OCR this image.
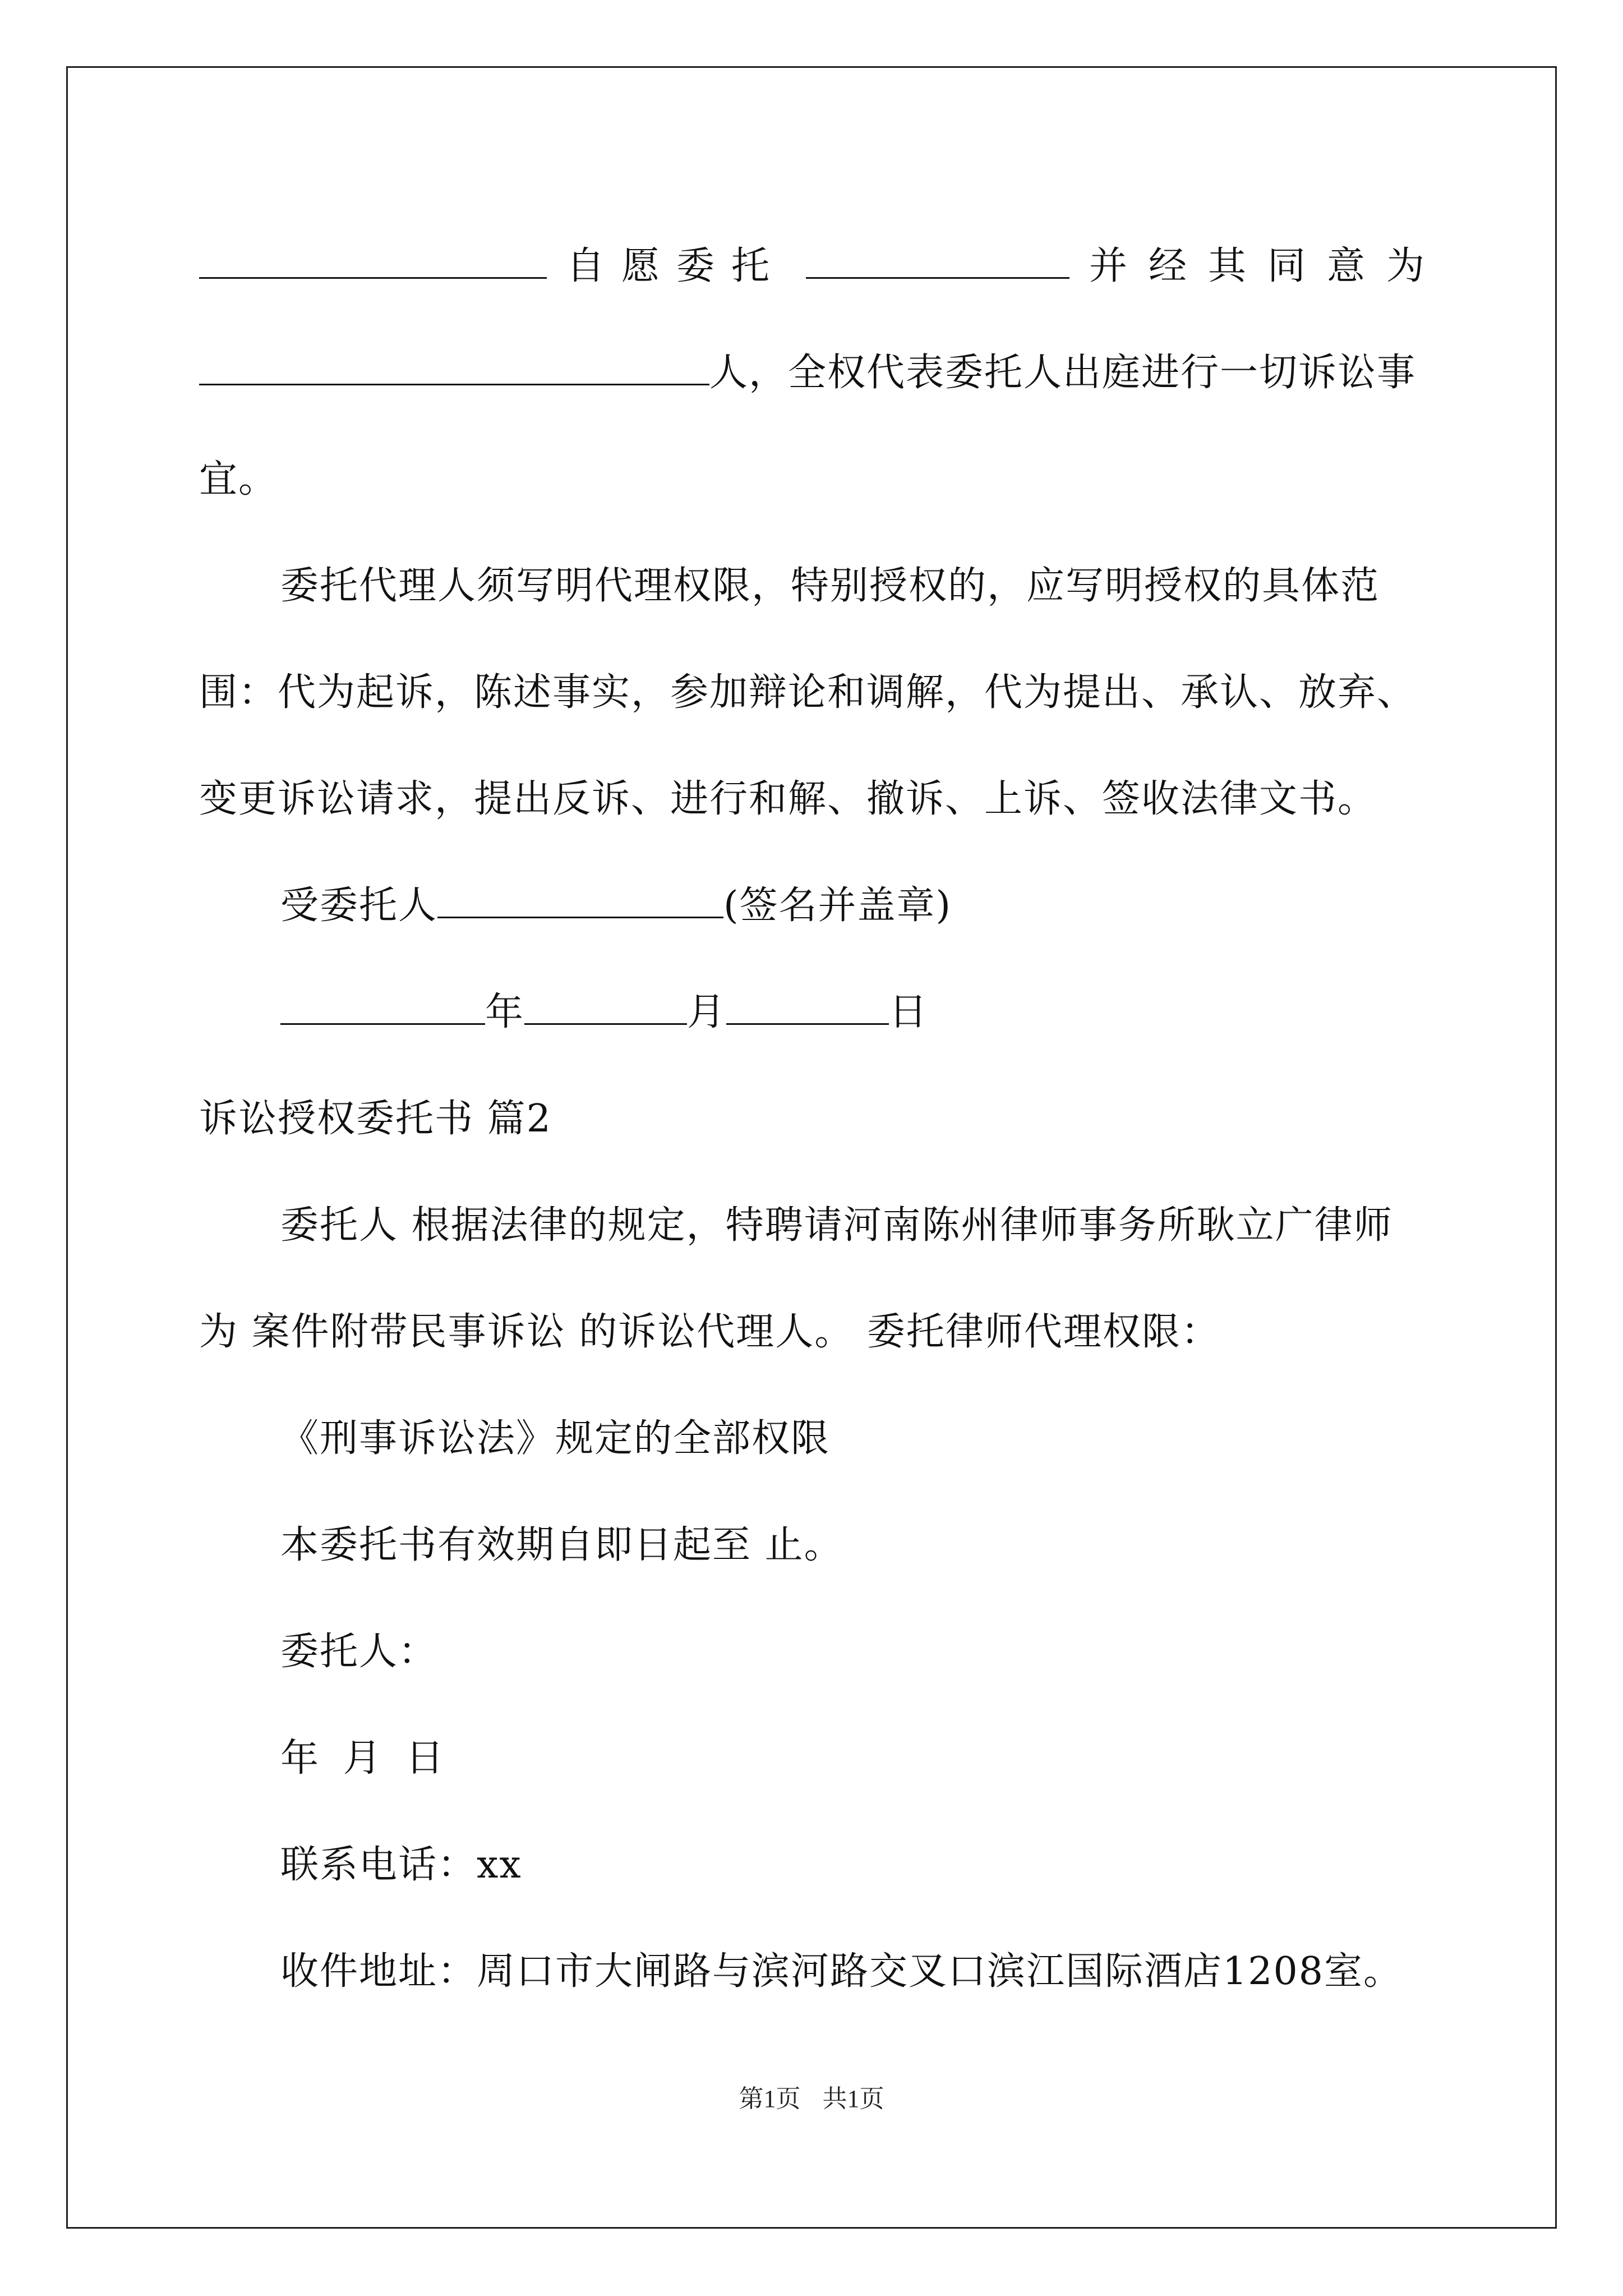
自愿委托	并经其同意为
人，全权代表委托人出庭进行一切诉讼事
宜。
委托代理人须写明代理权限，特别授权的，应写明授权的具体范
围：代为起诉，陈述事实，参加辩论和调解，代为提出、承认、放弃、
变更诉讼请求，提出反诉、进行和解、撤诉、上诉、签收法律文书。
受委托人	(签名并盖章)
年	月	日
诉讼授权委托书 篇2
委托人 根据法律的规定，特聘请河南陈州律师事务所耿立广律师
为 案件附带民事诉讼 的诉讼代理人。 委托律师代理权限：
《刑事诉讼法》规定的全部权限
本委托书有效期自即日起至 止。
委托人：
年 月 日
联系电话：xx
收件地址：周口市大闸路与滨河路交叉口滨江国际酒店1208室。
第1页 共1页
